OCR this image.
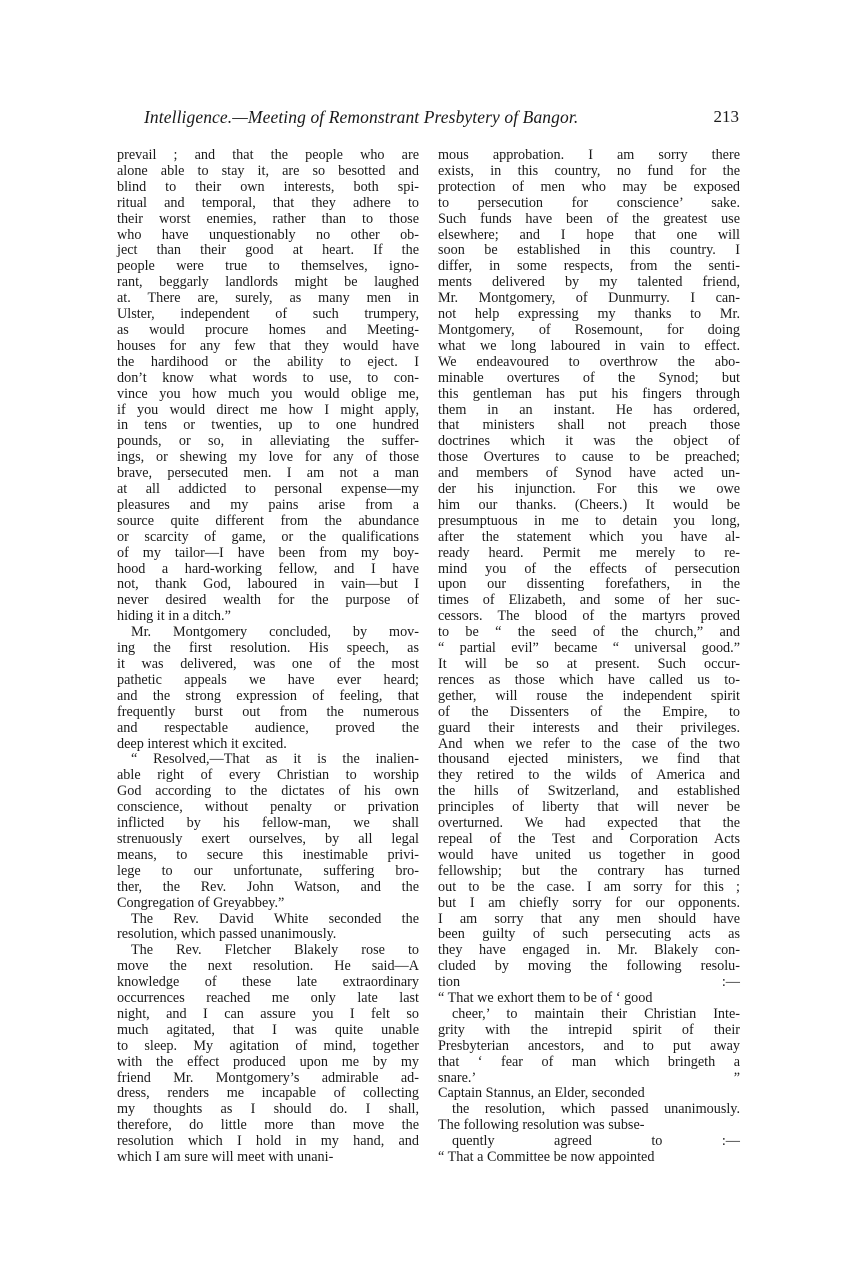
Intelligence.—Meeting of Remonstrant Presbytery of Bangor.	213
prevail ; and that the people who are
alone able to stay it, are so besotted and
blind to their own interests, both spi-
ritual and temporal, that they adhere to
their worst enemies, rather than to those
who have unquestionably no other ob-
ject than their good at heart. If the
people were true to themselves, igno-
rant, beggarly landlords might be laughed
at. There are, surely, as many men in
Ulster, independent of such trumpery,
as would procure homes and Meeting-
houses for any few that they would have
the hardihood or the ability to eject. I
don’t know what words to use, to con-
vince you how much you would oblige me,
if you would direct me how I might apply,
in tens or twenties, up to one hundred
pounds, or so, in alleviating the suffer-
ings, or shewing my love for any of those
brave, persecuted men. I am not a man
at all addicted to personal expense—my
pleasures and my pains arise from a
source quite different from the abundance
or scarcity of game, or the qualifications
of my tailor—I have been from my boy-
hood a hard-working fellow, and I have
not, thank God, laboured in vain—but I
never desired wealth for the purpose of
hiding it in a ditch.”
Mr. Montgomery concluded, by mov-
ing the first resolution. His speech, as
it was delivered, was one of the most
pathetic appeals we have ever heard;
and the strong expression of feeling, that
frequently burst out from the numerous
and respectable audience, proved the
deep interest which it excited.
“ Resolved,—That as it is the inalien-
able right of every Christian to worship
God according to the dictates of his own
conscience, without penalty or privation
inflicted by his fellow-man, we shall
strenuously exert ourselves, by all legal
means, to secure this inestimable privi-
lege to our unfortunate, suffering bro-
ther, the Rev. John Watson, and the
Congregation of Greyabbey.”
The Rev. David White seconded the
resolution, which passed unanimously.
The Rev. Fletcher Blakely rose to
move the next resolution. He said—A
knowledge of these late extraordinary
occurrences reached me only late last
night, and I can assure you I felt so
much agitated, that I was quite unable
to sleep. My agitation of mind, together
with the effect produced upon me by my
friend Mr. Montgomery’s admirable ad-
dress, renders me incapable of collecting
my thoughts as I should do. I shall,
therefore, do little more than move the
resolution which I hold in my hand, and
which I am sure will meet with unani-
mous approbation. I am sorry there
exists, in this country, no fund for the
protection of men who may be exposed
to persecution for conscience’ sake.
Such funds have been of the greatest use
elsewhere; and I hope that one will
soon be established in this country. I
differ, in some respects, from the senti-
ments delivered by my talented friend,
Mr. Montgomery, of Dunmurry. I can-
not help expressing my thanks to Mr.
Montgomery, of Rosemount, for doing
what we long laboured in vain to effect.
We endeavoured to overthrow the abo-
minable overtures of the Synod; but
this gentleman has put his fingers through
them in an instant. He has ordered,
that ministers shall not preach those
doctrines which it was the object of
those Overtures to cause to be preached;
and members of Synod have acted un-
der his injunction. For this we owe
him our thanks. (Cheers.) It would be
presumptuous in me to detain you long,
after the statement which you have al-
ready heard. Permit me merely to re-
mind you of the effects of persecution
upon our dissenting forefathers, in the
times of Elizabeth, and some of her suc-
cessors. The blood of the martyrs proved
to be “ the seed of the church,” and
“ partial evil” became “ universal good.”
It will be so at present. Such occur-
rences as those which have called us to-
gether, will rouse the independent spirit
of the Dissenters of the Empire, to
guard their interests and their privileges.
And when we refer to the case of the two
thousand ejected ministers, we find that
they retired to the wilds of America and
the hills of Switzerland, and established
principles of liberty that will never be
overturned. We had expected that the
repeal of the Test and Corporation Acts
would have united us together in good
fellowship; but the contrary has turned
out to be the case. I am sorry for this ;
but I am chiefly sorry for our opponents.
I am sorry that any men should have
been guilty of such persecuting acts as
they have engaged in. Mr. Blakely con-
cluded by moving the following resolu-
tion :—
“ That we exhort them to be of ‘ good
cheer,’ to maintain their Christian Inte-
grity with the intrepid spirit of their
Presbyterian ancestors, and to put away
that ‘ fear of man which bringeth a
snare.’ ”
Captain Stannus, an Elder, seconded
the resolution, which passed unanimously.
The following resolution was subse-
quently agreed to :—
“ That a Committee be now appointed
